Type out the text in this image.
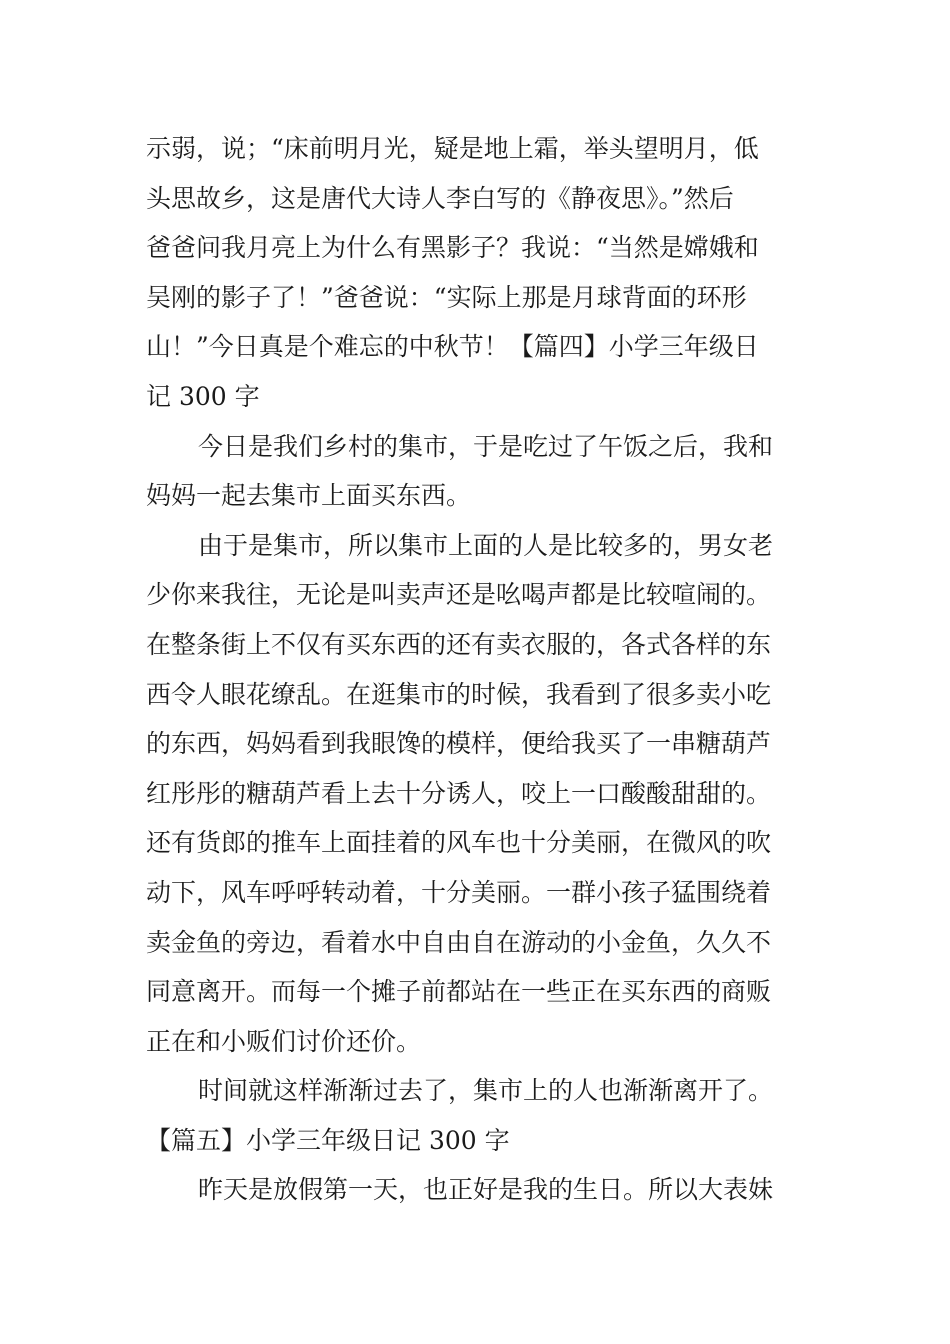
示弱，说；“床前明月光，疑是地上霜，举头望明月，低
头思故乡，这是唐代大诗人李白写的《静夜思》。”然后
爸爸问我月亮上为什么有黑影子？我说：“当然是嫦娥和
吴刚的影子了！”爸爸说：“实际上那是月球背面的环形
山！”今日真是个难忘的中秋节！【篇四】小学三年级日
记 300 字
今日是我们乡村的集市，于是吃过了午饭之后，我和
妈妈一起去集市上面买东西。
由于是集市，所以集市上面的人是比较多的，男女老
少你来我往，无论是叫卖声还是吆喝声都是比较喧闹的。
在整条街上不仅有买东西的还有卖衣服的，各式各样的东
西令人眼花缭乱。在逛集市的时候，我看到了很多卖小吃
的东西，妈妈看到我眼馋的模样，便给我买了一串糖葫芦
红彤彤的糖葫芦看上去十分诱人，咬上一口酸酸甜甜的。
还有货郎的推车上面挂着的风车也十分美丽，在微风的吹
动下，风车呼呼转动着，十分美丽。一群小孩子猛围绕着
卖金鱼的旁边，看着水中自由自在游动的小金鱼，久久不
同意离开。而每一个摊子前都站在一些正在买东西的商贩
正在和小贩们讨价还价。
时间就这样渐渐过去了，集市上的人也渐渐离开了。
【篇五】小学三年级日记 300 字
昨天是放假第一天，也正好是我的生日。所以大表妹
